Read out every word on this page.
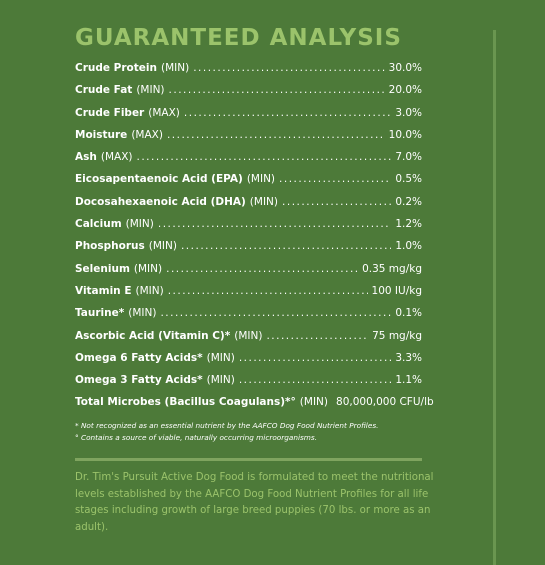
GUARANTEED ANALYSIS
Crude Protein (MIN) .....	30.0%
Crude Fat (MIN) .....	20.0%
Crude Fiber (MAX) .....	3.0%
Moisture (MAX) .....	10.0%
Ash (MAX) .....	7.0%
Eicosapentaenoic Acid (EPA) (MIN) .....	0.5%
Docosahexaenoic Acid (DHA) (MIN) .....	0.2%
Calcium (MIN) .....	1.2%
Phosphorus (MIN) .....	1.0%
Selenium (MIN) .....	0.35 mg/kg
Vitamin E (MIN) .....	100 IU/kg
Taurine* (MIN) .....	0.1%
Ascorbic Acid (Vitamin C)* (MIN) .....	75 mg/kg
Omega 6 Fatty Acids* (MIN) .....	3.3%
Omega 3 Fatty Acids* (MIN) .....	1.1%
Total Microbes (Bacillus Coagulans)*° (MIN) 80,000,000 CFU/lb
* Not recognized as an essential nutrient by the AAFCO Dog Food Nutrient Profiles.
° Contains a source of viable, naturally occurring microorganisms.
Dr. Tim's Pursuit Active Dog Food is formulated to meet the nutritional levels established by the AAFCO Dog Food Nutrient Profiles for all life stages including growth of large breed puppies (70 lbs. or more as an adult).
